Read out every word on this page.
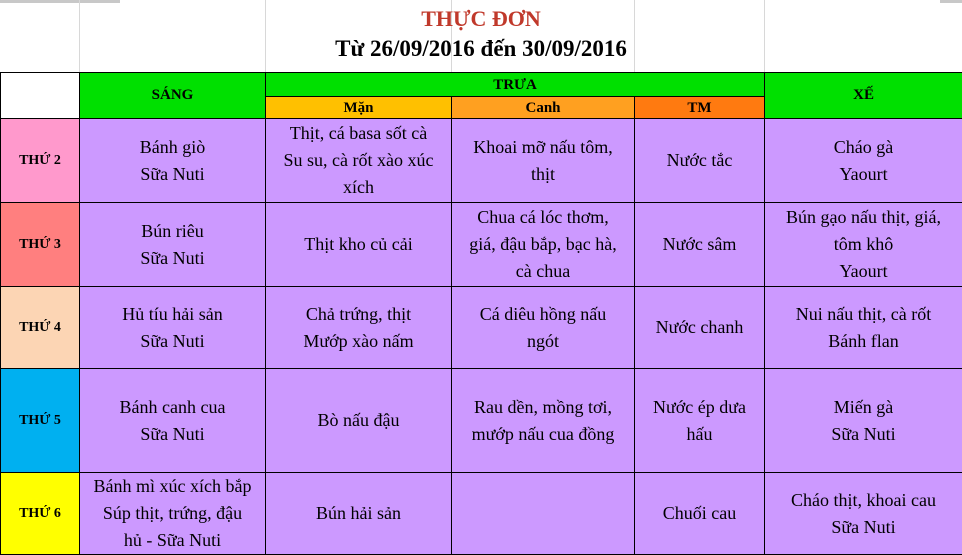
THỰC ĐƠN
Từ 26/09/2016 đến 30/09/2016
	SÁNG	TRƯA			XẾ
		Mặn	Canh	TM	
THỨ 2	Bánh giò
Sữa Nuti	Thịt, cá basa sốt cà
Su su, cà rốt xào xúc
xích	Khoai mỡ nấu tôm,
thịt	Nước tắc	Cháo gà
Yaourt

THỨ 3	Bún riêu
Sữa Nuti	Thịt kho củ cải	Chua cá lóc thơm,
giá, đậu bắp, bạc hà,
cà chua	Nước sâm	Bún gạo nấu thịt, giá,
tôm khô
Yaourt

THỨ 4	Hủ tíu hải sản
Sữa Nuti	Chả trứng, thịt
Mướp xào nấm	Cá diêu hồng nấu
ngót	Nước chanh	Nui nấu thịt, cà rốt
Bánh flan

THỨ 5	Bánh canh cua
Sữa Nuti	Bò nấu đậu	Rau dền, mồng tơi,
mướp nấu cua đồng	Nước ép dưa
hấu	Miến gà
Sữa Nuti

THỨ 6	Bánh mì xúc xích bắp
Súp thịt, trứng, đậu
hủ - Sữa Nuti	Bún hải sản		Chuối cau	Cháo thịt, khoai cau
Sữa Nuti
